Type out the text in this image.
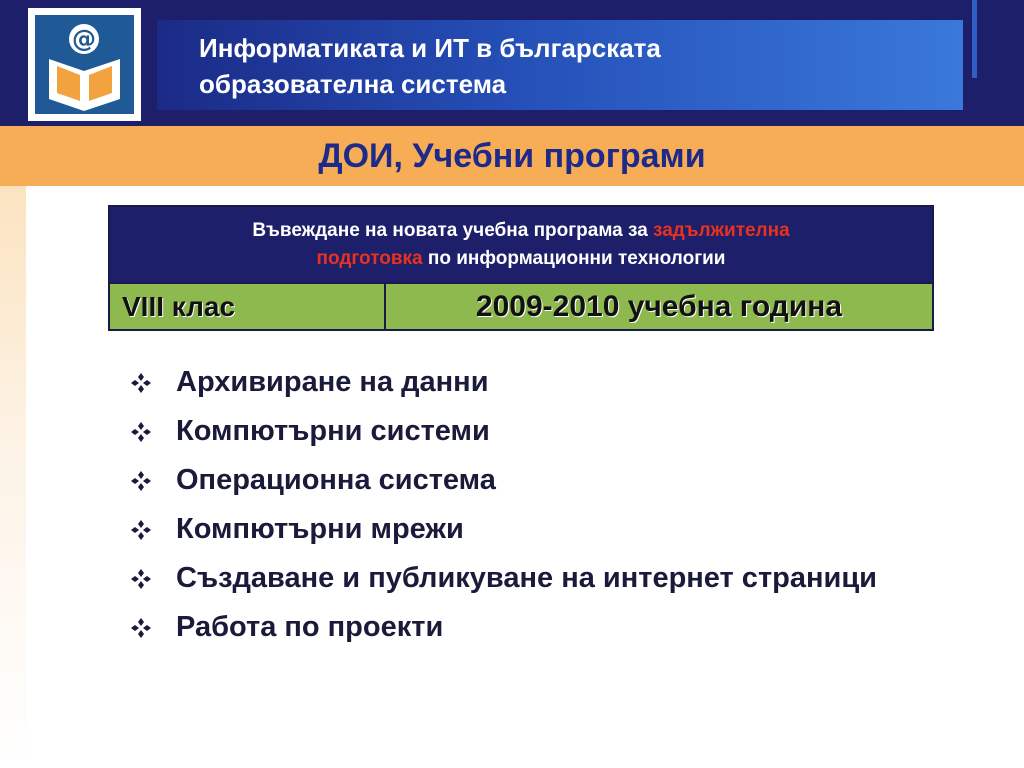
@	Информатиката и ИТ в българската
образователна система
ДОИ, Учебни програми
Въвеждане на новата учебна програма за задължителна
подготовка по информационни технологии
VIII клас	2009-2010 учебна година
Архивиране на данни
Компютърни системи
Операционна система
Компютърни мрежи
Създаване и публикуване на интернет страници
Работа по проекти
